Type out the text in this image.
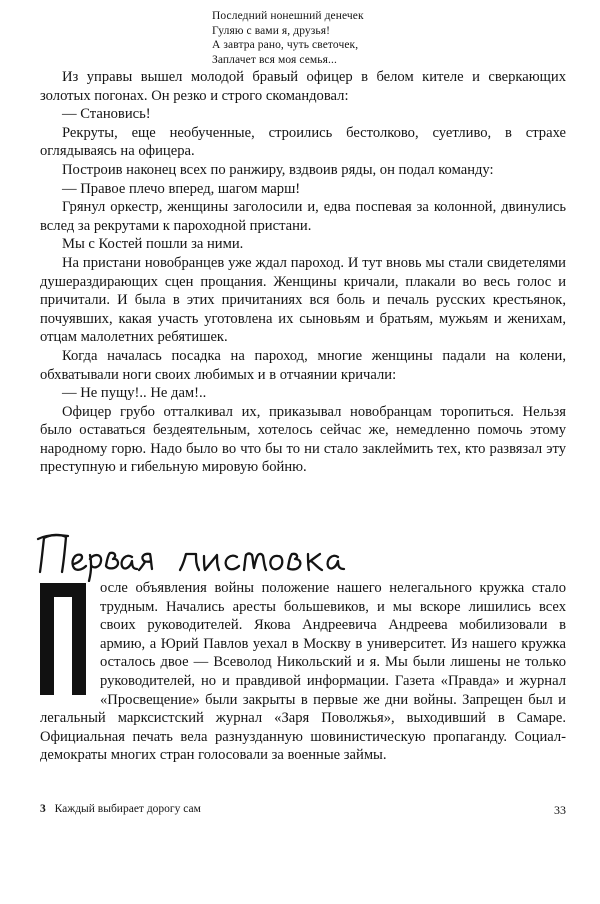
Последний нонешний денечек
Гуляю с вами я, друзья!
А завтра рано, чуть светочек,
Заплачет вся моя семья...

Из управы вышел молодой бравый офицер в белом кителе и сверкающих золотых погонах. Он резко и строго скомандовал:

— Становись!

Рекруты, еще необученные, строились бестолково, суетливо, в страхе оглядываясь на офицера.

Построив наконец всех по ранжиру, вздвоив ряды, он подал команду:

— Правое плечо вперед, шагом марш!

Грянул оркестр, женщины заголосили и, едва поспевая за колонной, двинулись вслед за рекрутами к пароходной пристани.

Мы с Костей пошли за ними.

На пристани новобранцев уже ждал пароход. И тут вновь мы стали свидетелями душераздирающих сцен прощания. Женщины кричали, плакали во весь голос и причитали. И была в этих причитаниях вся боль и печаль русских крестьянок, почуявших, какая участь уготовлена их сыновьям и братьям, мужьям и женихам, отцам малолетних ребятишек.

Когда началась посадка на пароход, многие женщины падали на колени, обхватывали ноги своих любимых и в отчаянии кричали:

— Не пущу!.. Не дам!..

Офицер грубо отталкивал их, приказывал новобранцам торопиться. Нельзя было оставаться бездеятельным, хотелось сейчас же, немедленно помочь этому народному горю. Надо было во что бы то ни стало заклеймить тех, кто развязал эту преступную и гибельную мировую бойню.

осле объявления войны положение нашего нелегального кружка стало трудным. Начались аресты большевиков, и мы вскоре лишились всех своих руководителей. Якова Андреевича Андреева мобилизовали в армию, а Юрий Павлов уехал в Москву в университет. Из нашего кружка осталось двое — Всеволод Никольский и я. Мы были лишены не только руководителей, но и правдивой информации. Газета «Правда» и журнал «Просвещение» были закрыты в первые же дни войны. Запрещен был и легальный марксистский журнал «Заря Поволжья», выходивший в Самаре. Официальная печать вела разнузданную шовинистическую пропаганду. Социал-демократы многих стран голосовали за военные займы.

3 Каждый выбирает дорогу сам	33
